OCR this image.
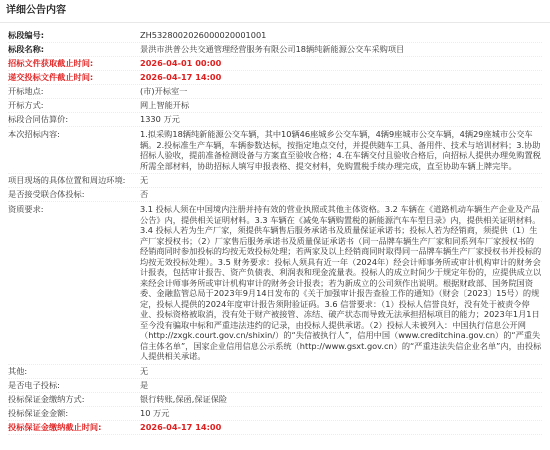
详细公告内容
标段编号:	ZH5328002026000020001001
标段名称:	景洪市洪普公共交通管理经营服务有限公司18辆纯新能源公交车采购项目
招标文件获取截止时间:	2026-04-01 00:00
递交投标文件截止时间:	2026-04-17 14:00
开标地点:	(市)开标室一
开标方式:	网上智能开标
标段合同估算价:	1330 万元
本次招标内容:	1.拟采购18辆纯新能源公交车辆，其中10辆46座城乡公交车辆，4辆9座城市公交车辆，4辆29座城市公交车辆。2.投标准生产车辆，车辆参数达标，按指定地点交付，并提供随车工具、备用件、技术与培训材料；3.协助招标人验收，提前准备检测设备与方案直至验收合格；4.在车辆交付且验收合格后，向招标人提供办理免购置税所需全部材料，协助招标人填写申报表格、提交材料，免购置税手续办理完成，直至协助车辆上牌完毕。
项目现场的具体位置和周边环境:	无
是否接受联合体投标:	否
资质要求:	3.1 投标人须在中国境内注册并持有效的营业执照或其他主体资格。3.2 车辆在《道路机动车辆生产企业及产品公告》内，提供相关证明材料。3.3 车辆在《减免车辆购置税的新能源汽车车型目录》内，提供相关证明材料。3.4 投标人若为生产厂家，须提供车辆售后服务承诺书及质量保证承诺书；投标人若为经销商，须提供（1）生产厂家授权书；（2）厂家售后服务承诺书及质量保证承诺书（同一品牌车辆生产厂家和同系列车厂家授权书的经销商同时参加投标的均按无效投标处理；若两家及以上经销商同时取得同一品牌车辆生产厂家授权书并投标的均按无效投标处理）。3.5 财务要求：投标人须具有近一年（2024年）经会计师事务所或审计机构审计的财务会计报表，包括审计报告、资产负债表、利润表和现金流量表。投标人的成立时间少于规定年份的，应提供成立以来经会计师事务所或审计机构审计的财务会计报表；若为新成立的公司须作出说明。根据财政部、国务院国资委、金融监管总局于2023年9月14日发布的《关于加强审计报告查验工作的通知》（财会〔2023〕15号）的规定，投标人提供的2024年度审计报告须附验证码。3.6 信誉要求：（1）投标人信誉良好，没有处于被责令停业、投标资格被取消，没有处于财产被接管、冻结、破产状态而导致无法承担招标项目的能力；2023年1月1日至今没有骗取中标和严重违法违约的记录，由投标人提供承诺。（2）投标人未被列入：中国执行信息公开网（http://zxgk.court.gov.cn/shixin/）的“失信被执行人”，信用中国（www.creditchina.gov.cn）的“严重失信主体名单”，国家企业信用信息公示系统（http://www.gsxt.gov.cn）的“严重违法失信企业名单”内，由投标人提供相关承诺。
其他:	无
是否电子投标:	是
投标保证金缴纳方式:	银行转账,保函,保证保险
投标保证金金额:	10 万元
投标保证金缴纳截止时间:	2026-04-17 14:00
